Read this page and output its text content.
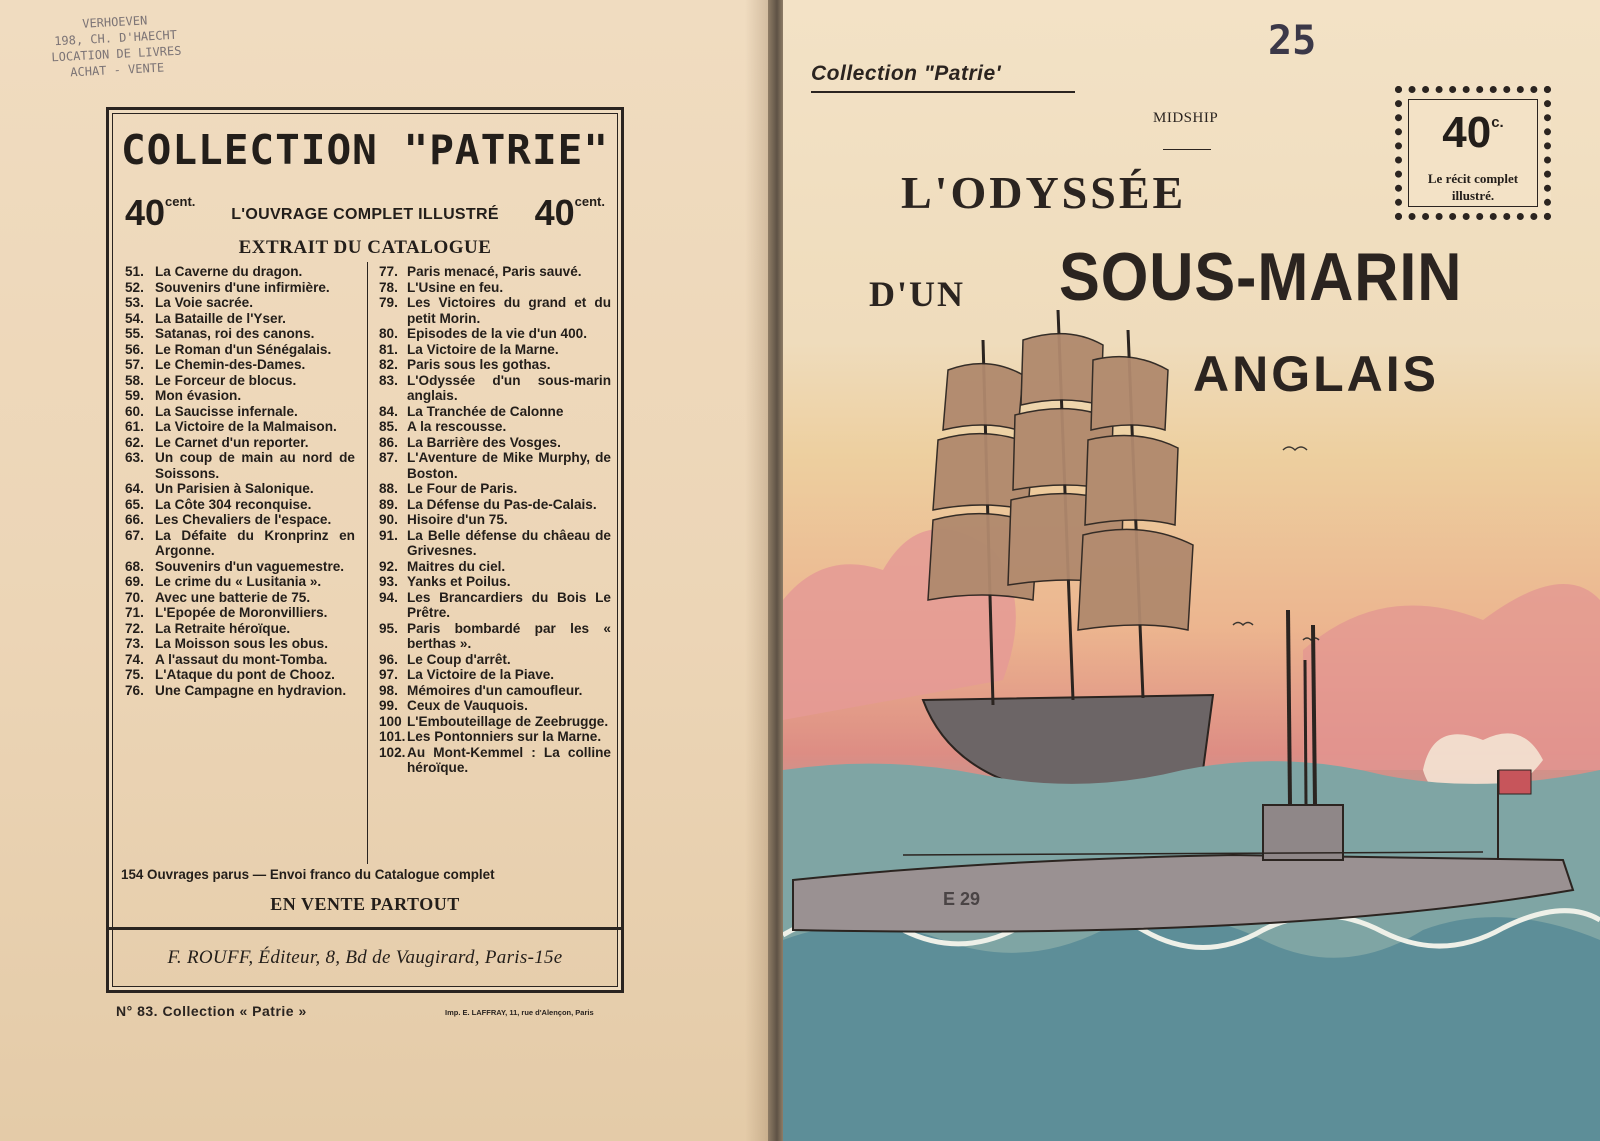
VERHOEVEN
198, CH. D'HAECHT
LOCATION DE LIVRES
ACHAT - VENTE
COLLECTION "PATRIE"
$40^{cent.}$
L'OUVRAGE COMPLET ILLUSTRÉ $40^{cent.}$
EXTRAIT DU CATALOGUE
51. La Caverne du dragon.
52. Souvenirs d'une infirmière.
53. La Voie sacrée.
54. La Bataille de l'Yser.
55. Satanas, roi des canons.
56. Le Roman d'un Sénégalais.
57. Le Chemin-des-Dames.
58. Le Forceur de blocus.
59. Mon évasion.
60. La Saucisse infernale.
61. La Victoire de la Malmaison.
62. Le Carnet d'un reporter.
63. Un coup de main au nord de Soissons.
64. Un Parisien à Salonique.
65. La Côte 304 reconquise.
66. Les Chevaliers de l'espace.
67. La Défaite du Kronprinz en Argonne.
68. Souvenirs d'un vaguemestre.
69. Le crime du « Lusitania ».
70. Avec une batterie de 75.
71. L'Epopée de Moronvilliers.
72. La Retraite héroïque.
73. La Moisson sous les obus.
74. A l'assaut du mont-Tomba.
75. L'Ataque du pont de Chooz.
76. Une Campagne en hydravion.
77. Paris menacé, Paris sauvé.
78. L'Usine en feu.
79. Les Victoires du grand et du petit Morin.
80. Episodes de la vie d'un 400.
81. La Victoire de la Marne.
82. Paris sous les gothas.
83. L'Odyssée d'un sous-marin anglais.
84. La Tranchée de Calonne
85. A la rescousse.
86. La Barrière des Vosges.
87. L'Aventure de Mike Murphy, de Boston.
88. Le Four de Paris.
89. La Défense du Pas-de-Calais.
90. Hisoire d'un 75.
91. La Belle défense du châeau de Grivesnes.
92. Maitres du ciel.
93. Yanks et Poilus.
94. Les Brancardiers du Bois Le Prêtre.
95. Paris bombardé par les « berthas ».
96. Le Coup d'arrêt.
97. La Victoire de la Piave.
98. Mémoires d'un camoufleur.
99. Ceux de Vauquois.
100 L'Embouteillage de Zeebrugge.
101. Les Pontonniers sur la Marne.
102. Au Mont-Kemmel : La colline héroïque.
154 Ouvrages parus — Envoi franco du Catalogue complet
EN VENTE PARTOUT
F. ROUFF, Éditeur, 8, Bd de Vaugirard, Paris-15e
N° 83. Collection « Patrie »	Imp. E. LAFFRAY, 11, rue d'Alençon, Paris
E 29
25
Collection "Patrie'
MIDSHIP	$40^{c.}$
Le récit complet
illustré.
L'ODYSSÉE
D'UN SOUS-MARIN
ANGLAIS
